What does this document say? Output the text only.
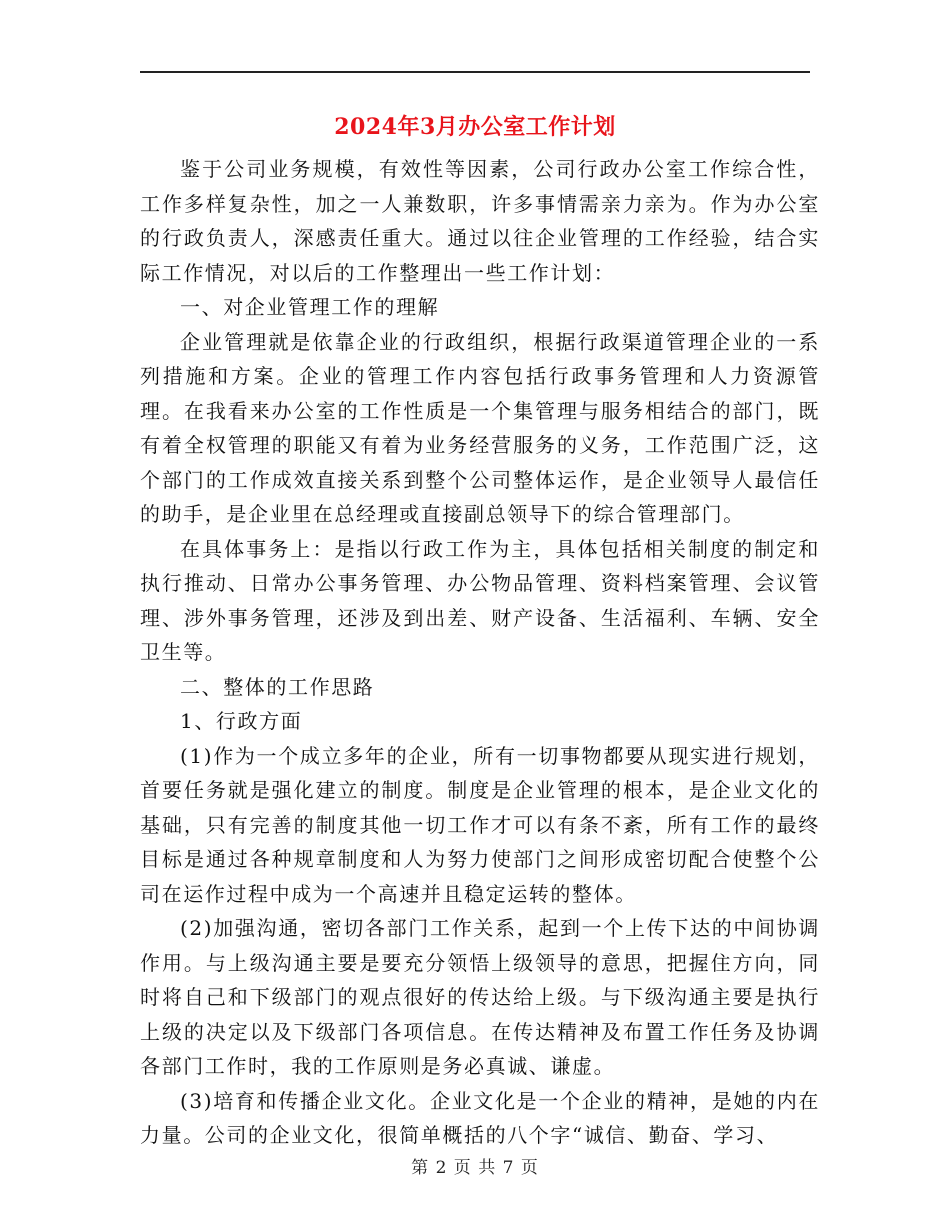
2024年3月办公室工作计划

鉴于公司业务规模，有效性等因素，公司行政办公室工作综合性，工作多样复杂性，加之一人兼数职，许多事情需亲力亲为。作为办公室的行政负责人，深感责任重大。通过以往企业管理的工作经验，结合实际工作情况，对以后的工作整理出一些工作计划：

一、对企业管理工作的理解

企业管理就是依靠企业的行政组织，根据行政渠道管理企业的一系列措施和方案。企业的管理工作内容包括行政事务管理和人力资源管理。在我看来办公室的工作性质是一个集管理与服务相结合的部门，既有着全权管理的职能又有着为业务经营服务的义务，工作范围广泛，这个部门的工作成效直接关系到整个公司整体运作，是企业领导人最信任的助手，是企业里在总经理或直接副总领导下的综合管理部门。

在具体事务上：是指以行政工作为主，具体包括相关制度的制定和执行推动、日常办公事务管理、办公物品管理、资料档案管理、会议管理、涉外事务管理，还涉及到出差、财产设备、生活福利、车辆、安全卫生等。

二、整体的工作思路

1、行政方面

(1)作为一个成立多年的企业，所有一切事物都要从现实进行规划，首要任务就是强化建立的制度。制度是企业管理的根本，是企业文化的基础，只有完善的制度其他一切工作才可以有条不紊，所有工作的最终目标是通过各种规章制度和人为努力使部门之间形成密切配合使整个公司在运作过程中成为一个高速并且稳定运转的整体。

(2)加强沟通，密切各部门工作关系，起到一个上传下达的中间协调作用。与上级沟通主要是要充分领悟上级领导的意思，把握住方向，同时将自己和下级部门的观点很好的传达给上级。与下级沟通主要是执行上级的决定以及下级部门各项信息。在传达精神及布置工作任务及协调各部门工作时，我的工作原则是务必真诚、谦虚。

(3)培育和传播企业文化。企业文化是一个企业的精神，是她的内在力量。公司的企业文化，很简单概括的八个字“诚信、勤奋、学习、

第 2 页 共 7 页
